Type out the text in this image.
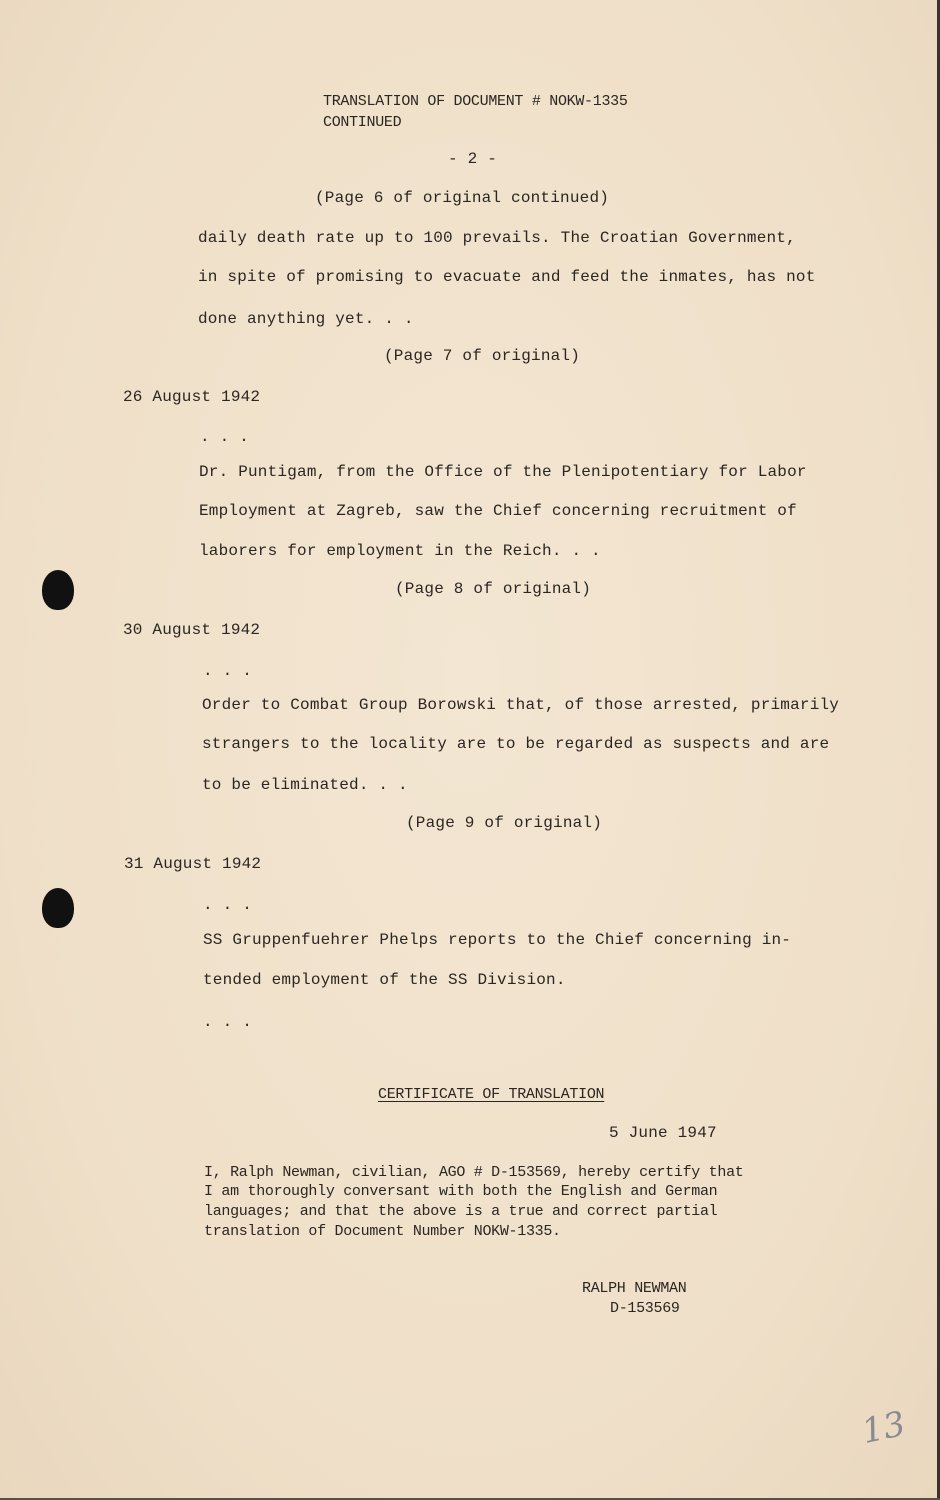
TRANSLATION OF DOCUMENT # NOKW-1335
CONTINUED
- 2 -
(Page 6 of original continued)
daily death rate up to 100 prevails. The Croatian Government,
in spite of promising to evacuate and feed the inmates, has not
done anything yet. . .
(Page 7 of original)
26 August 1942
. . .
Dr. Puntigam, from the Office of the Plenipotentiary for Labor
Employment at Zagreb, saw the Chief concerning recruitment of
laborers for employment in the Reich. . .
(Page 8 of original)
30 August 1942
. . .
Order to Combat Group Borowski that, of those arrested, primarily
strangers to the locality are to be regarded as suspects and are
to be eliminated. . .
(Page 9 of original)
31 August 1942
. . .
SS Gruppenfuehrer Phelps reports to the Chief concerning in-
tended employment of the SS Division.
. . .
CERTIFICATE OF TRANSLATION
5 June 1947
I, Ralph Newman, civilian, AGO # D-153569, hereby certify that
I am thoroughly conversant with both the English and German
languages; and that the above is a true and correct partial
translation of Document Number NOKW-1335.
RALPH NEWMAN
D-153569
13
